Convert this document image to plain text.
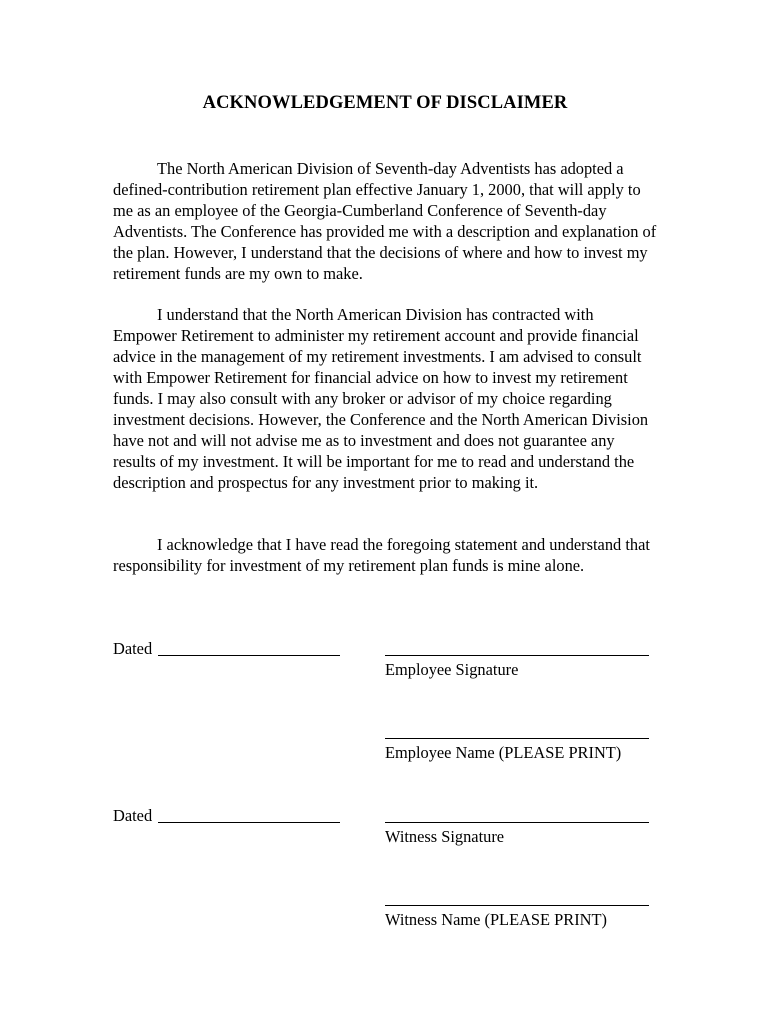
ACKNOWLEDGEMENT OF DISCLAIMER

The North American Division of Seventh-day Adventists has adopted a defined-contribution retirement plan effective January 1, 2000, that will apply to me as an employee of the Georgia-Cumberland Conference of Seventh-day Adventists. The Conference has provided me with a description and explanation of the plan. However, I understand that the decisions of where and how to invest my retirement funds are my own to make.

I understand that the North American Division has contracted with Empower Retirement to administer my retirement account and provide financial advice in the management of my retirement investments. I am advised to consult with Empower Retirement for financial advice on how to invest my retirement funds. I may also consult with any broker or advisor of my choice regarding investment decisions. However, the Conference and the North American Division have not and will not advise me as to investment and does not guarantee any results of my investment. It will be important for me to read and understand the description and prospectus for any investment prior to making it.

I acknowledge that I have read the foregoing statement and understand that responsibility for investment of my retirement plan funds is mine alone.

Dated
Employee Signature
Employee Name (PLEASE PRINT)
Dated
Witness Signature
Witness Name (PLEASE PRINT)
